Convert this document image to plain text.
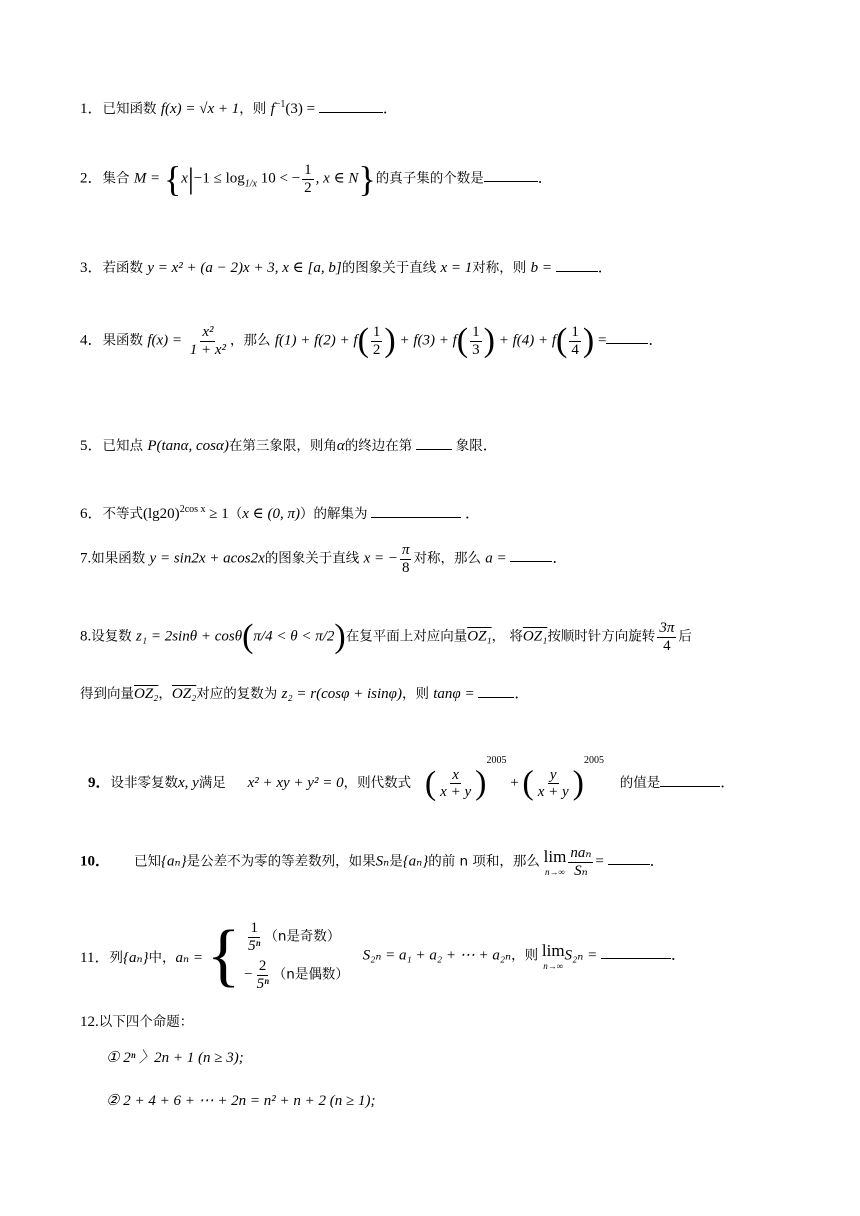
1．已知函数 f(x) = √x + 1，则 $f^{-1}(3)$ =	．
2．集合 $M = \{x|-1 \le \log_{1/x} 10$ < − $\frac{1}{2}$ , x ∈ N}的真子集的个数是	．
3．若函数 y = x² + (a − 2)x + 3, x ∈ [a, b]的图象关于直线 x = 1对称，则 b =	．
4．果函数 $f(x) = \frac{\text{x²}}{\text{1 + x²}}$ ，那么 $f(1) + f(2) + f( \frac{1}{2}$ ) + $f(3) + f( \frac{1}{3}$ ) + $f(4) + f( \frac{1}{4}$ ) =	．
5．已知点 P(tanα, cosα)在第三象限，则角α的终边在第	象限．
6．不等式$(\lg 20)^{2cos x} \ge 1(x$ ∈ (0, π)）的解集为	．
7.如果函数 y = sin2x + acos2x的图象关于直线 x = − $\frac{\pi}{8}$ 对称，那么 a =	．
8.设复数 z₁ = 2sinθ + cosθ(π/4 < θ < π/2)在复平面上对应向量OZ₁， 将OZ₁按顺时针方向旋转 $\frac{3\pi}{4}$ 后
得到向量OZ₂，OZ₂对应的复数为 z₂ = r(cosφ + isinφ)，则 tanφ =	．
9．设非零复数x, y满足 x² + xy + y² = 0，则代数式 ( $\frac{x}{x + y} )^{2005}$ + ( $\frac{y}{x + y} )^{2005}$ 的值是	．
10． 已知{aₙ}是公差不为零的等差数列，如果Sₙ是{aₙ}的前 n 项和，那么 lim
$n\to\infty \frac{\text{naₙ}}{\text{Sₙ}}$ =	．
11．列{aₙ}中，aₙ = { $\frac{1}{\text{5ⁿ}} (n$是奇数）
− $\frac{2}{\text{5ⁿ}} (n$是偶数）
S₂ₙ = a₁ + a₂ + ⋯ + a₂ₙ，则 lim
n→∞
S₂ₙ =	．
12.以下四个命题：
① 2ⁿ 〉2n + 1 (n ≥ 3);
② 2 + 4 + 6 + ⋯ + 2n = n² + n + 2 (n ≥ 1);
